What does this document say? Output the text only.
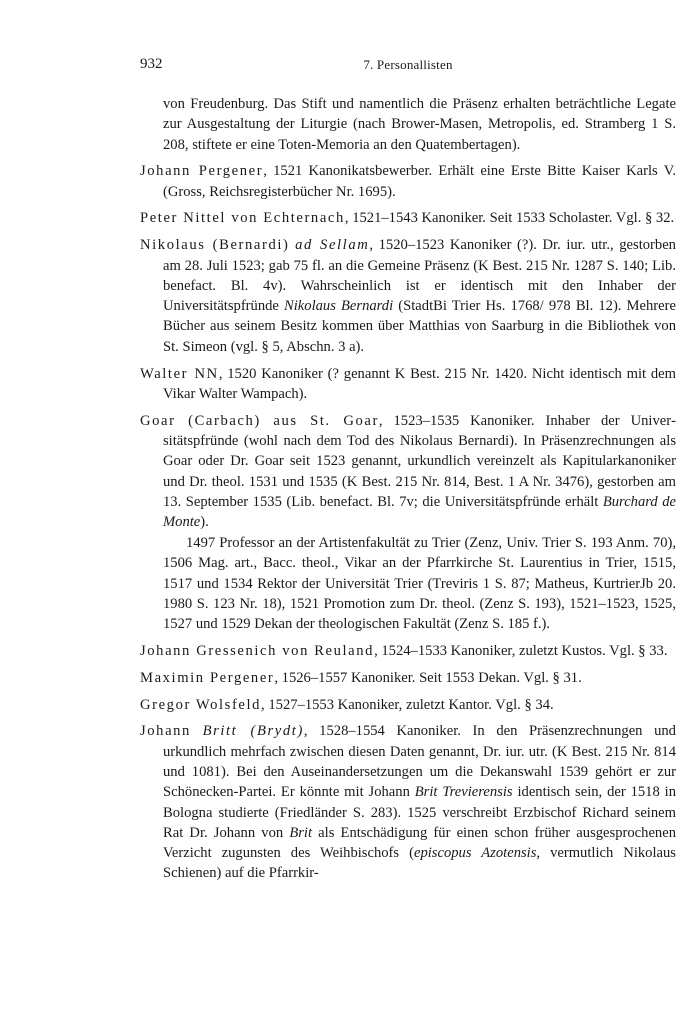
932	7. Personallisten

von Freudenburg. Das Stift und namentlich die Präsenz erhalten beträchtliche Legate zur Ausgestaltung der Liturgie (nach Brower-Masen, Metropolis, ed. Stramberg 1 S. 208, stiftete er eine Toten-Memoria an den Quatembertagen).

Johann Pergener, 1521 Kanonikatsbewerber. Erhält eine Erste Bitte Kaiser Karls V. (Gross, Reichsregisterbücher Nr. 1695).

Peter Nittel von Echternach, 1521–1543 Kanoniker. Seit 1533 Scholaster. Vgl. § 32.

Nikolaus (Bernardi) ad Sellam, 1520–1523 Kanoniker (?). Dr. iur. utr., gestorben am 28. Juli 1523; gab 75 fl. an die Gemeine Präsenz (K Best. 215 Nr. 1287 S. 140; Lib. benefact. Bl. 4v). Wahrscheinlich ist er identisch mit den Inhaber der Universitätspfründe Nikolaus Bernardi (StadtBi Trier Hs. 1768/ 978 Bl. 12). Mehrere Bücher aus seinem Besitz kommen über Matthias von Saarburg in die Bibliothek von St. Simeon (vgl. § 5, Abschn. 3 a).

Walter NN, 1520 Kanoniker (? genannt K Best. 215 Nr. 1420. Nicht identisch mit dem Vikar Walter Wampach).

Goar (Carbach) aus St. Goar, 1523–1535 Kanoniker. Inhaber der Universitätspfründe (wohl nach dem Tod des Nikolaus Bernardi). In Präsenzrechnungen als Goar oder Dr. Goar seit 1523 genannt, urkundlich vereinzelt als Kapitularkanoniker und Dr. theol. 1531 und 1535 (K Best. 215 Nr. 814, Best. 1 A Nr. 3476), gestorben am 13. September 1535 (Lib. benefact. Bl. 7v; die Universitätspfründe erhält Burchard de Monte).

1497 Professor an der Artistenfakultät zu Trier (Zenz, Univ. Trier S. 193 Anm. 70), 1506 Mag. art., Bacc. theol., Vikar an der Pfarrkirche St. Laurentius in Trier, 1515, 1517 und 1534 Rektor der Universität Trier (Treviris 1 S. 87; Matheus, KurtrierJb 20. 1980 S. 123 Nr. 18), 1521 Promotion zum Dr. theol. (Zenz S. 193), 1521–1523, 1525, 1527 und 1529 Dekan der theologischen Fakultät (Zenz S. 185 f.).

Johann Gressenich von Reuland, 1524–1533 Kanoniker, zuletzt Kustos. Vgl. § 33.

Maximin Pergener, 1526–1557 Kanoniker. Seit 1553 Dekan. Vgl. § 31.

Gregor Wolsfeld, 1527–1553 Kanoniker, zuletzt Kantor. Vgl. § 34.

Johann Britt (Brydt), 1528–1554 Kanoniker. In den Präsenzrechnungen und urkundlich mehrfach zwischen diesen Daten genannt, Dr. iur. utr. (K Best. 215 Nr. 814 und 1081). Bei den Auseinandersetzungen um die Dekanswahl 1539 gehört er zur Schönecken-Partei. Er könnte mit Johann Brit Trevierensis identisch sein, der 1518 in Bologna studierte (Friedländer S. 283). 1525 verschreibt Erzbischof Richard seinem Rat Dr. Johann von Brit als Entschädigung für einen schon früher ausgesprochenen Verzicht zugunsten des Weihbischofs (episcopus Azotensis, vermutlich Nikolaus Schienen) auf die Pfarrkir-
